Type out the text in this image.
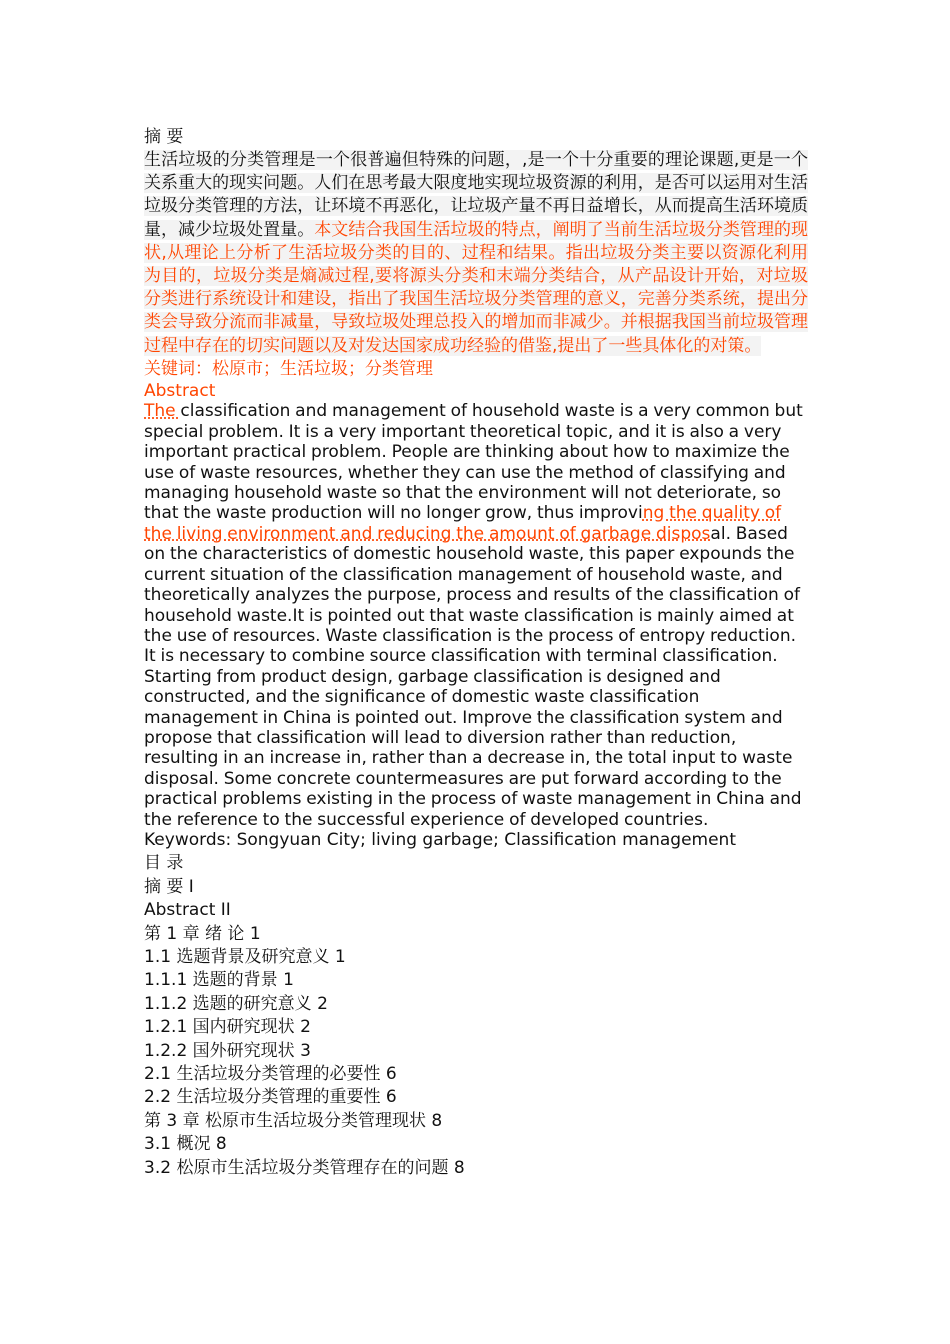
摘 要

生活垃圾的分类管理是一个很普遍但特殊的问题，,是一个十分重要的理论课题,更是一个关系重大的现实问题。人们在思考最大限度地实现垃圾资源的利用，是否可以运用对生活垃圾分类管理的方法，让环境不再恶化，让垃圾产量不再日益增长，从而提高生活环境质量，减少垃圾处置量。本文结合我国生活垃圾的特点，阐明了当前生活垃圾分类管理的现状,从理论上分析了生活垃圾分类的目的、过程和结果。指出垃圾分类主要以资源化利用为目的，垃圾分类是熵减过程,要将源头分类和末端分类结合，从产品设计开始，对垃圾分类进行系统设计和建设，指出了我国生活垃圾分类管理的意义，完善分类系统，提出分类会导致分流而非减量，导致垃圾处理总投入的增加而非减少。并根据我国当前垃圾管理过程中存在的切实问题以及对发达国家成功经验的借鉴,提出了一些具体化的对策。

关键词：松原市；生活垃圾；分类管理

Abstract

The classification and management of household waste is a very common but special problem. It is a very important theoretical topic, and it is also a very important practical problem. People are thinking about how to maximize the use of waste resources, whether they can use the method of classifying and managing household waste so that the environment will not deteriorate, so that the waste production will no longer grow, thus improving the quality of the living environment and reducing the amount of garbage disposal. Based on the characteristics of domestic household waste, this paper expounds the current situation of the classification management of household waste, and theoretically analyzes the purpose, process and results of the classification of household waste.It is pointed out that waste classification is mainly aimed at the use of resources. Waste classification is the process of entropy reduction. It is necessary to combine source classification with terminal classification. Starting from product design, garbage classification is designed and constructed, and the significance of domestic waste classification management in China is pointed out. Improve the classification system and propose that classification will lead to diversion rather than reduction, resulting in an increase in, rather than a decrease in, the total input to waste disposal. Some concrete countermeasures are put forward according to the practical problems existing in the process of waste management in China and the reference to the successful experience of developed countries.

Keywords: Songyuan City; living garbage; Classification management

目 录

摘 要 I

Abstract II

第 1 章 绪 论 1

1.1 选题背景及研究意义 1

1.1.1 选题的背景 1

1.1.2 选题的研究意义 2

1.2.1 国内研究现状 2

1.2.2 国外研究现状 3

2.1 生活垃圾分类管理的必要性 6

2.2 生活垃圾分类管理的重要性 6

第 3 章 松原市生活垃圾分类管理现状 8

3.1 概况 8

3.2 松原市生活垃圾分类管理存在的问题 8
